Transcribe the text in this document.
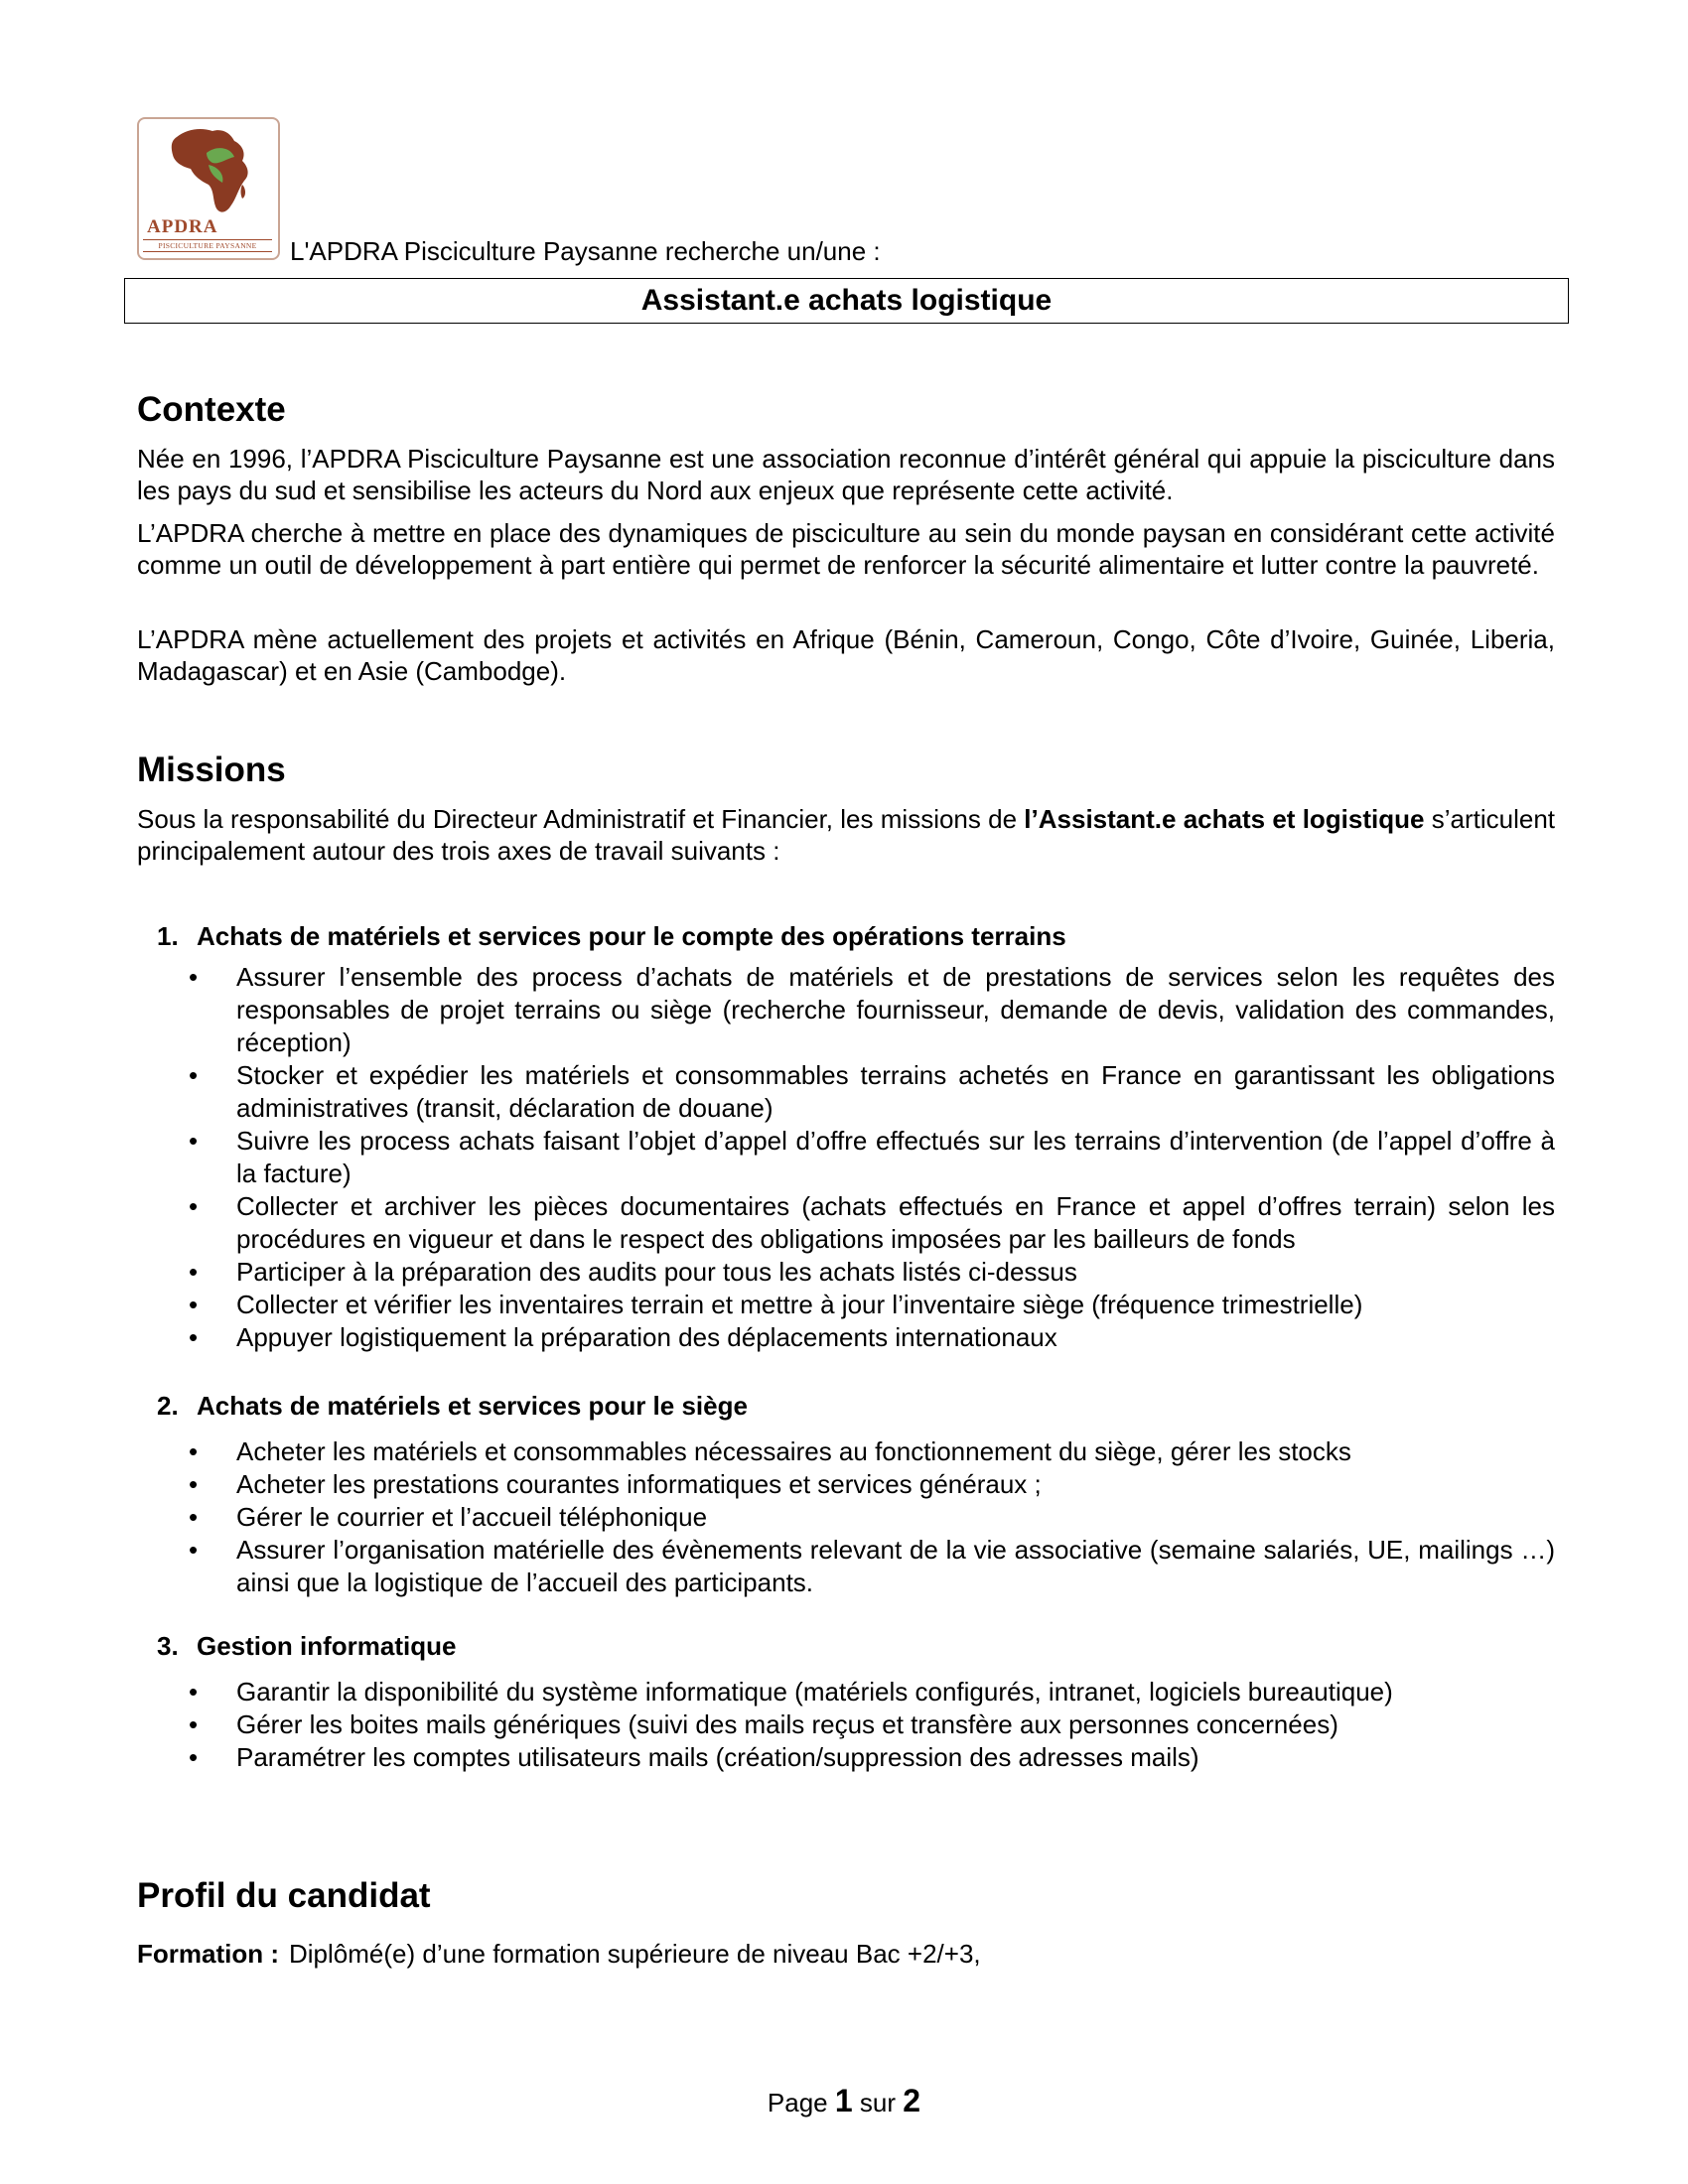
APDRA
PISCICULTURE PAYSANNE	L'APDRA Pisciculture Paysanne recherche un/une :
Assistant.e achats logistique
Contexte

Née en 1996, l’APDRA Pisciculture Paysanne est une association reconnue d’intérêt général qui appuie la pisciculture dans les pays du sud et sensibilise les acteurs du Nord aux enjeux que représente cette activité.

L’APDRA cherche à mettre en place des dynamiques de pisciculture au sein du monde paysan en considérant cette activité comme un outil de développement à part entière qui permet de renforcer la sécurité alimentaire et lutter contre la pauvreté.

L’APDRA mène actuellement des projets et activités en Afrique (Bénin, Cameroun, Congo, Côte d’Ivoire, Guinée, Liberia, Madagascar) et en Asie (Cambodge).

Missions

Sous la responsabilité du Directeur Administratif et Financier, les missions de l’Assistant.e achats et logistique s’articulent principalement autour des trois axes de travail suivants :

1. Achats de matériels et services pour le compte des opérations terrains

• Assurer l’ensemble des process d’achats de matériels et de prestations de services selon les requêtes des responsables de projet terrains ou siège (recherche fournisseur, demande de devis, validation des commandes, réception)
• Stocker et expédier les matériels et consommables terrains achetés en France en garantissant les obligations administratives (transit, déclaration de douane)
• Suivre les process achats faisant l’objet d’appel d’offre effectués sur les terrains d’intervention (de l’appel d’offre à la facture)
• Collecter et archiver les pièces documentaires (achats effectués en France et appel d’offres terrain) selon les procédures en vigueur et dans le respect des obligations imposées par les bailleurs de fonds
• Participer à la préparation des audits pour tous les achats listés ci-dessus
• Collecter et vérifier les inventaires terrain et mettre à jour l’inventaire siège (fréquence trimestrielle)
• Appuyer logistiquement la préparation des déplacements internationaux

2. Achats de matériels et services pour le siège

• Acheter les matériels et consommables nécessaires au fonctionnement du siège, gérer les stocks
• Acheter les prestations courantes informatiques et services généraux ;
• Gérer le courrier et l’accueil téléphonique
• Assurer l’organisation matérielle des évènements relevant de la vie associative (semaine salariés, UE, mailings …) ainsi que la logistique de l’accueil des participants.

3. Gestion informatique

• Garantir la disponibilité du système informatique (matériels configurés, intranet, logiciels bureautique)
• Gérer les boites mails génériques (suivi des mails reçus et transfère aux personnes concernées)
• Paramétrer les comptes utilisateurs mails (création/suppression des adresses mails)
Profil du candidat
Formation : Diplômé(e) d’une formation supérieure de niveau Bac +2/+3,
Page 1 sur 2
